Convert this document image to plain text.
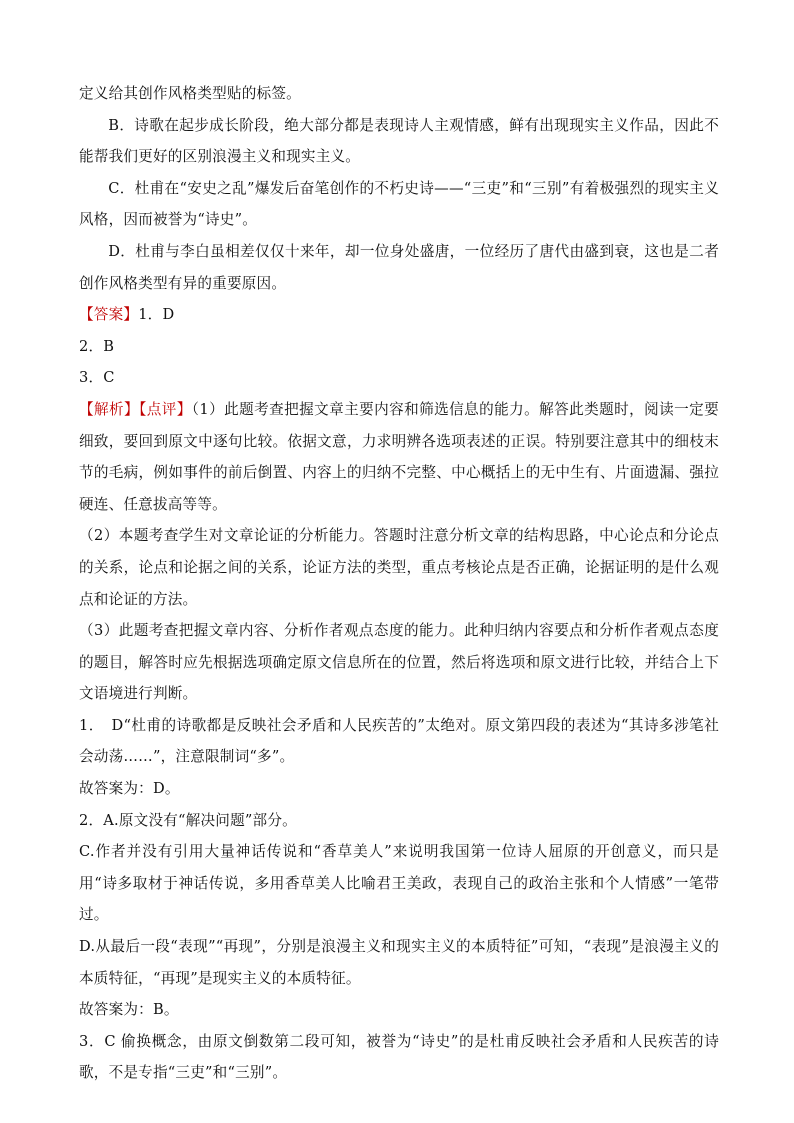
定义给其创作风格类型贴的标签。

B．诗歌在起步成长阶段，绝大部分都是表现诗人主观情感，鲜有出现现实主义作品，因此不能帮我们更好的区别浪漫主义和现实主义。

C．杜甫在“安史之乱”爆发后奋笔创作的不朽史诗——“三吏”和“三别”有着极强烈的现实主义风格，因而被誉为“诗史”。

D．杜甫与李白虽相差仅仅十来年，却一位身处盛唐，一位经历了唐代由盛到衰，这也是二者创作风格类型有异的重要原因。

【答案】1．D

2．B

3．C

【解析】【点评】（1）此题考查把握文章主要内容和筛选信息的能力。解答此类题时，阅读一定要细致，要回到原文中逐句比较。依据文意，力求明辨各选项表述的正误。特别要注意其中的细枝末节的毛病，例如事件的前后倒置、内容上的归纳不完整、中心概括上的无中生有、片面遗漏、强拉硬连、任意拔高等等。

（2）本题考查学生对文章论证的分析能力。答题时注意分析文章的结构思路，中心论点和分论点的关系，论点和论据之间的关系，论证方法的类型，重点考核论点是否正确，论据证明的是什么观点和论证的方法。

（3）此题考查把握文章内容、分析作者观点态度的能力。此种归纳内容要点和分析作者观点态度的题目，解答时应先根据选项确定原文信息所在的位置，然后将选项和原文进行比较，并结合上下文语境进行判断。

1．　D“杜甫的诗歌都是反映社会矛盾和人民疾苦的”太绝对。原文第四段的表述为“其诗多涉笔社会动荡……”，注意限制词“多”。

故答案为：D。

2．A.原文没有“解决问题”部分。

C.作者并没有引用大量神话传说和“香草美人”来说明我国第一位诗人屈原的开创意义，而只是用“诗多取材于神话传说，多用香草美人比喻君王美政，表现自己的政治主张和个人情感”一笔带过。

D.从最后一段“表现”“再现”，分别是浪漫主义和现实主义的本质特征”可知，“表现”是浪漫主义的本质特征，“再现”是现实主义的本质特征。

故答案为：B。

3．C 偷换概念，由原文倒数第二段可知，被誉为“诗史”的是杜甫反映社会矛盾和人民疾苦的诗歌，不是专指“三吏”和“三别”。
